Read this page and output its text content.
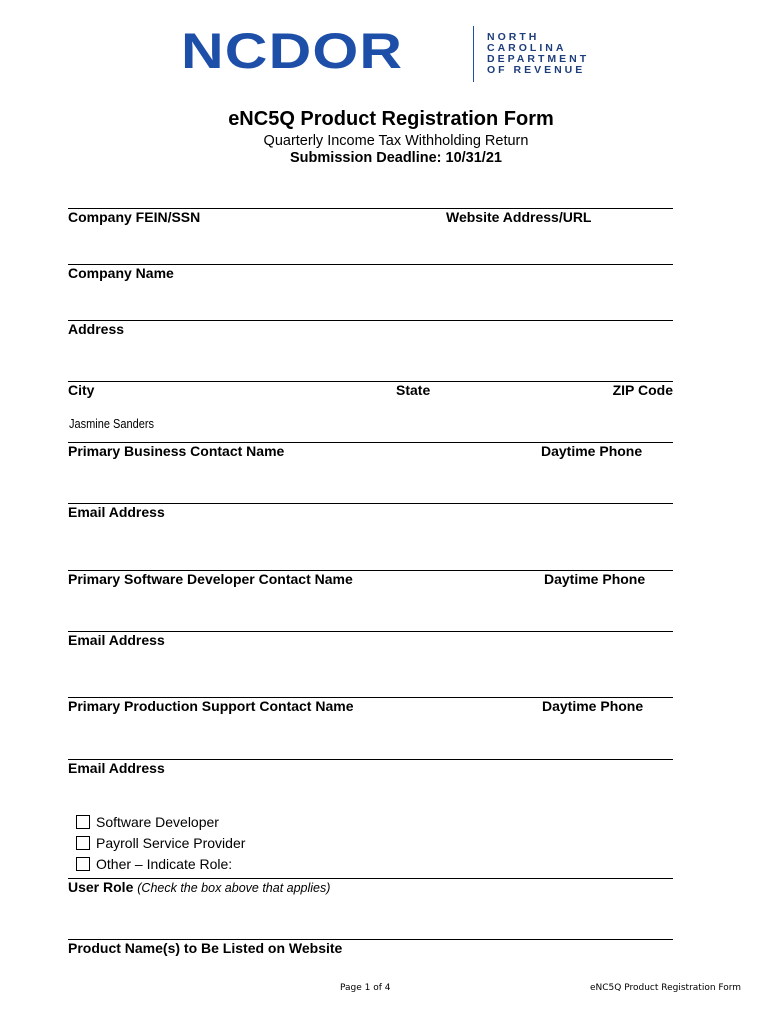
NCDOR	NORTH
CAROLINA
DEPARTMENT
OF REVENUE
eNC5Q Product Registration Form
Quarterly Income Tax Withholding Return
Submission Deadline: 10/31/21
Company FEIN/SSN	Website Address/URL
Company Name
Address
City	State	ZIP Code
Jasmine Sanders
Primary Business Contact Name	Daytime Phone
Email Address
Primary Software Developer Contact Name	Daytime Phone
Email Address
Primary Production Support Contact Name	Daytime Phone
Email Address
Software Developer
Payroll Service Provider
Other – Indicate Role:
User Role (Check the box above that applies)
Product Name(s) to Be Listed on Website
Page 1 of 4	eNC5Q Product Registration Form
